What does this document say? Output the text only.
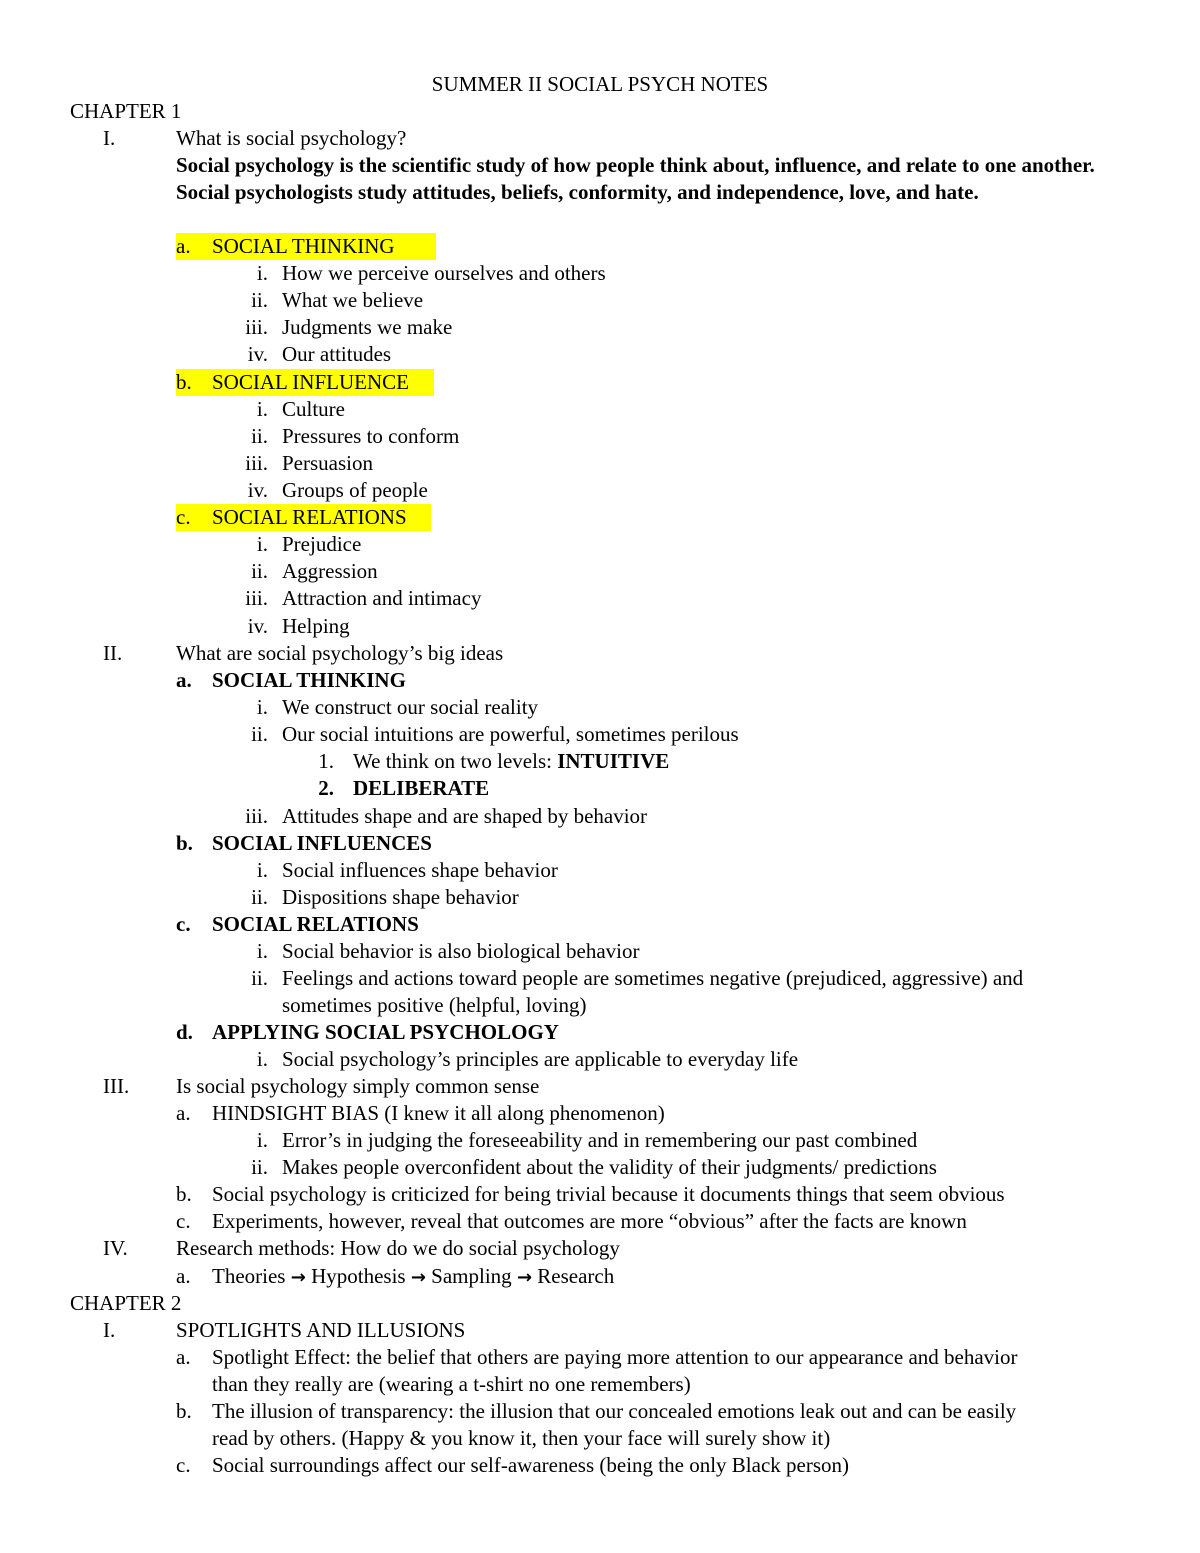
SUMMER II SOCIAL PSYCH NOTES
CHAPTER 1
I.	What is social psychology?
Social psychology is the scientific study of how people think about, influence, and relate to one another. Social psychologists study attitudes, beliefs, conformity, and independence, love, and hate.
a. SOCIAL THINKING
i. How we perceive ourselves and others
ii. What we believe
iii. Judgments we make
iv. Our attitudes
b. SOCIAL INFLUENCE
i. Culture
ii. Pressures to conform
iii. Persuasion
iv. Groups of people
c. SOCIAL RELATIONS
i. Prejudice
ii. Aggression
iii. Attraction and intimacy
iv. Helping
II.	What are social psychology’s big ideas
a. SOCIAL THINKING
i. We construct our social reality
ii. Our social intuitions are powerful, sometimes perilous
1. We think on two levels: INTUITIVE
2. DELIBERATE
iii. Attitudes shape and are shaped by behavior
b. SOCIAL INFLUENCES
i. Social influences shape behavior
ii. Dispositions shape behavior
c. SOCIAL RELATIONS
i. Social behavior is also biological behavior
ii. Feelings and actions toward people are sometimes negative (prejudiced, aggressive) and
sometimes positive (helpful, loving)
d. APPLYING SOCIAL PSYCHOLOGY
i. Social psychology’s principles are applicable to everyday life
III. Is social psychology simply common sense
a. HINDSIGHT BIAS (I knew it all along phenomenon)
i. Error’s in judging the foreseeability and in remembering our past combined
ii. Makes people overconfident about the validity of their judgments/ predictions
b. Social psychology is criticized for being trivial because it documents things that seem obvious
c. Experiments, however, reveal that outcomes are more “obvious” after the facts are known
IV. Research methods: How do we do social psychology
a. Theories → Hypothesis → Sampling → Research
CHAPTER 2
I.	SPOTLIGHTS AND ILLUSIONS
a. Spotlight Effect: the belief that others are paying more attention to our appearance and behavior
than they really are (wearing a t-shirt no one remembers)
b. The illusion of transparency: the illusion that our concealed emotions leak out and can be easily
read by others. (Happy & you know it, then your face will surely show it)
c. Social surroundings affect our self-awareness (being the only Black person)
